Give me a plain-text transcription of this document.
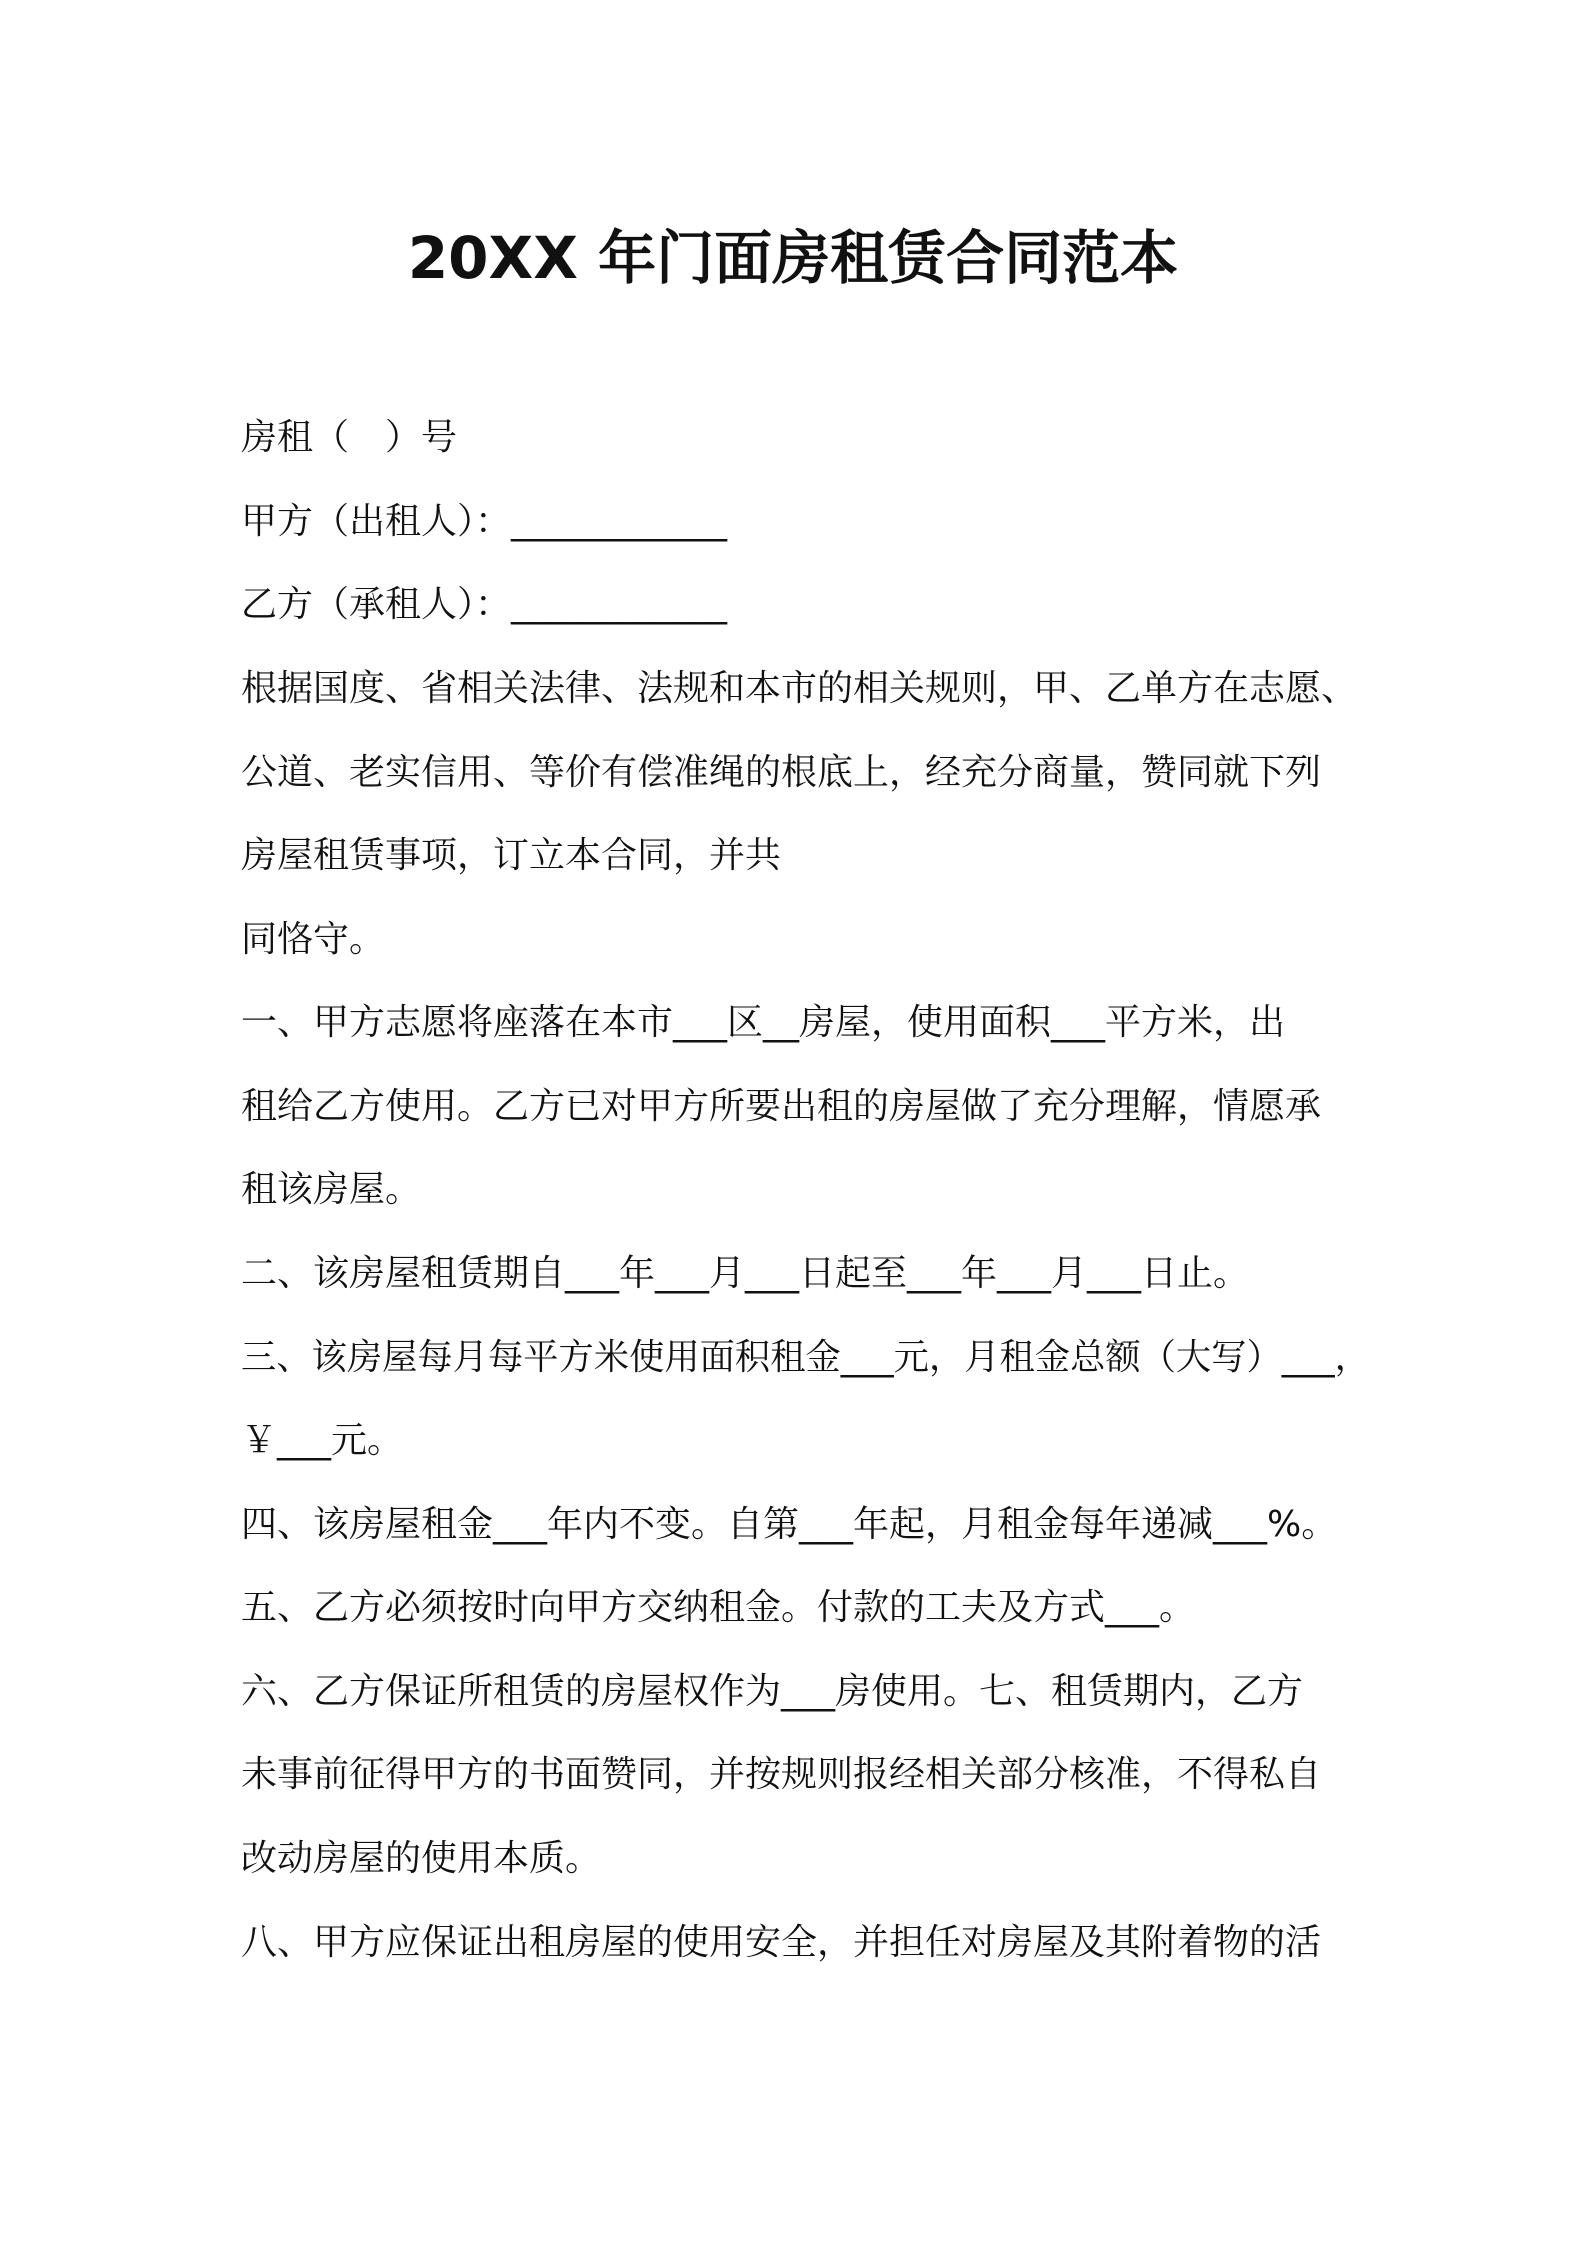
20XX 年门面房租赁合同范本
房租（　）号
甲方（出租人）：____________
乙方（承租人）：____________
根据国度、省相关法律、法规和本市的相关规则，甲、乙单方在志愿、
公道、老实信用、等价有偿准绳的根底上，经充分商量，赞同就下列
房屋租赁事项，订立本合同，并共
同恪守。
一、甲方志愿将座落在本市___区__房屋，使用面积___平方米，出
租给乙方使用。乙方已对甲方所要出租的房屋做了充分理解，情愿承
租该房屋。
二、该房屋租赁期自___年___月___日起至___年___月___日止。
三、该房屋每月每平方米使用面积租金___元，月租金总额（大写）___，
￥___元。
四、该房屋租金___年内不变。自第___年起，月租金每年递减___%。
五、乙方必须按时向甲方交纳租金。付款的工夫及方式___。
六、乙方保证所租赁的房屋权作为___房使用。七、租赁期内，乙方
未事前征得甲方的书面赞同，并按规则报经相关部分核准，不得私自
改动房屋的使用本质。
八、甲方应保证出租房屋的使用安全，并担任对房屋及其附着物的活
